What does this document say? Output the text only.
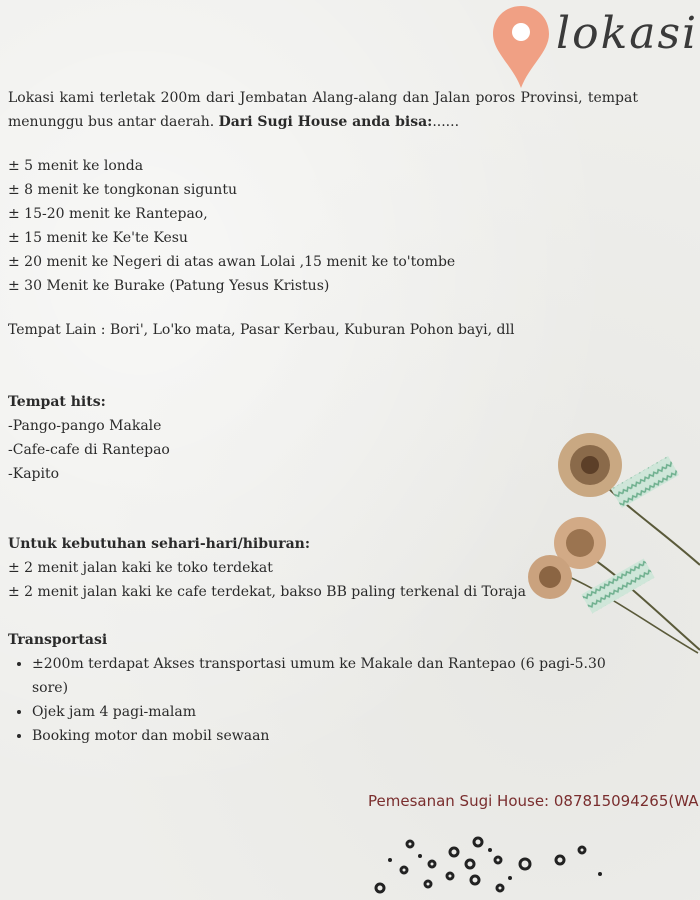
lokasi

Lokasi kami terletak 200m dari Jembatan Alang-alang dan Jalan poros Provinsi, tempat menunggu bus antar daerah. Dari Sugi House anda bisa:......

± 5 menit ke londa
± 8 menit ke tongkonan siguntu
± 15-20 menit ke Rantepao,
± 15 menit ke Ke'te Kesu
± 20 menit ke Negeri di atas awan Lolai ,15 menit ke to'tombe
± 30 Menit ke Burake (Patung Yesus Kristus)

Tempat Lain : Bori', Lo'ko mata, Pasar Kerbau, Kuburan Pohon bayi, dll

Tempat hits:

-Pango-pango Makale

-Cafe-cafe di Rantepao

-Kapito

Untuk kebutuhan sehari-hari/hiburan:

± 2 menit jalan kaki ke toko terdekat

± 2 menit jalan kaki ke cafe terdekat, bakso BB paling terkenal di Toraja

Transportasi

• ±200m terdapat Akses transportasi umum ke Makale dan Rantepao (6 pagi-5.30 sore)
• Ojek jam 4 pagi-malam
• Booking motor dan mobil sewaan
Pemesanan Sugi House: 087815094265(WA
